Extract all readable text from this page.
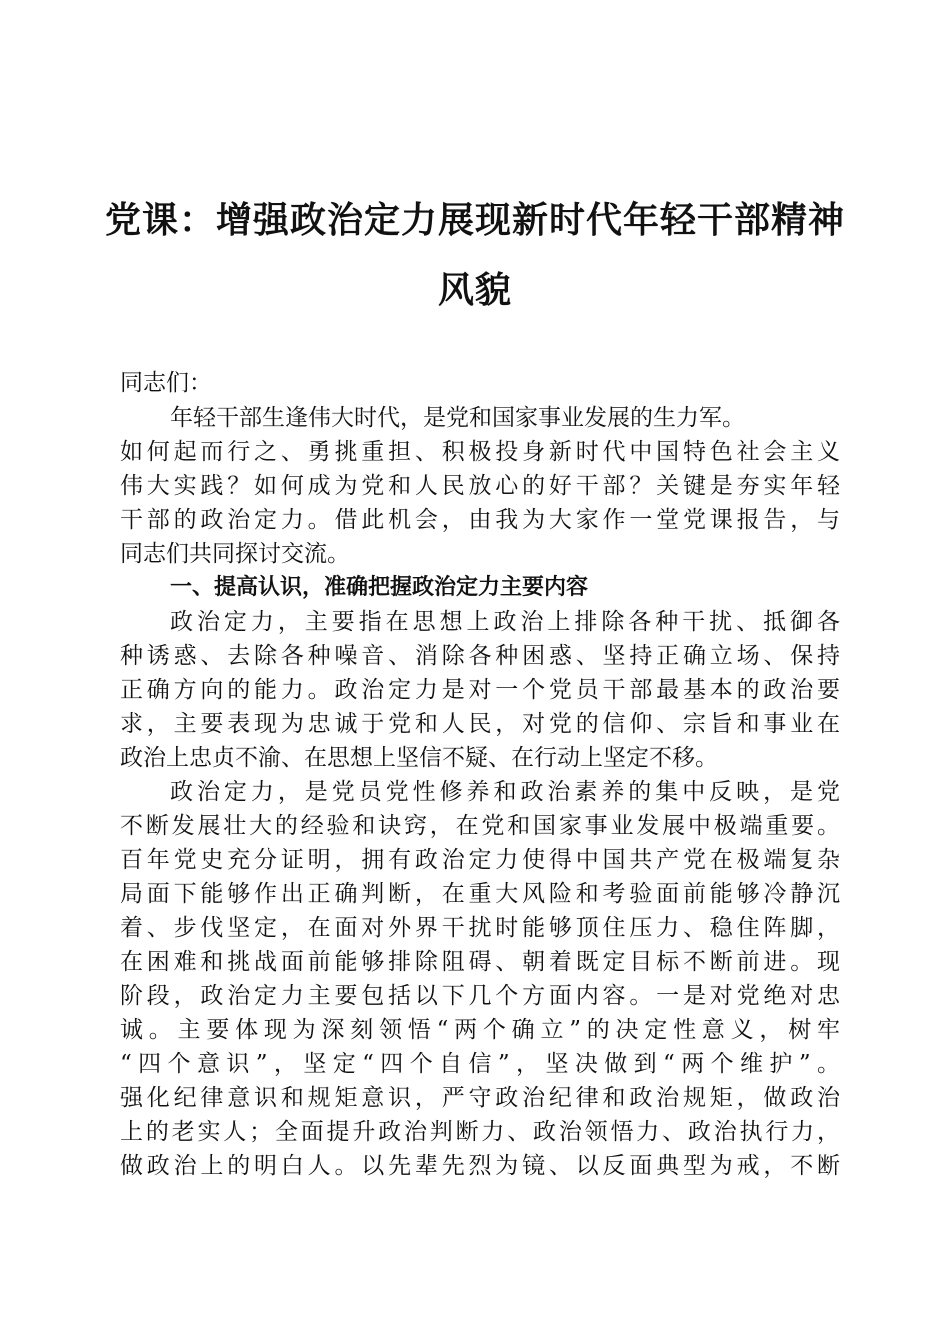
党课：增强政治定力展现新时代年轻干部精神
风貌
同志们：
年轻干部生逢伟大时代，是党和国家事业发展的生力军。
如何起而行之、勇挑重担、积极投身新时代中国特色社会主义
伟大实践？如何成为党和人民放心的好干部？关键是夯实年轻
干部的政治定力。借此机会，由我为大家作一堂党课报告，与
同志们共同探讨交流。
一、提高认识，准确把握政治定力主要内容
政治定力，主要指在思想上政治上排除各种干扰、抵御各
种诱惑、去除各种噪音、消除各种困惑、坚持正确立场、保持
正确方向的能力。政治定力是对一个党员干部最基本的政治要
求，主要表现为忠诚于党和人民，对党的信仰、宗旨和事业在
政治上忠贞不渝、在思想上坚信不疑、在行动上坚定不移。
政治定力，是党员党性修养和政治素养的集中反映，是党
不断发展壮大的经验和诀窍，在党和国家事业发展中极端重要。
百年党史充分证明，拥有政治定力使得中国共产党在极端复杂
局面下能够作出正确判断，在重大风险和考验面前能够冷静沉
着、步伐坚定，在面对外界干扰时能够顶住压力、稳住阵脚，
在困难和挑战面前能够排除阻碍、朝着既定目标不断前进。现
阶段，政治定力主要包括以下几个方面内容。一是对党绝对忠
诚。主要体现为深刻领悟“两个确立”的决定性意义，树牢
“四个意识”，坚定“四个自信”，坚决做到“两个维护”。
强化纪律意识和规矩意识，严守政治纪律和政治规矩，做政治
上的老实人；全面提升政治判断力、政治领悟力、政治执行力，
做政治上的明白人。以先辈先烈为镜、以反面典型为戒，不断
